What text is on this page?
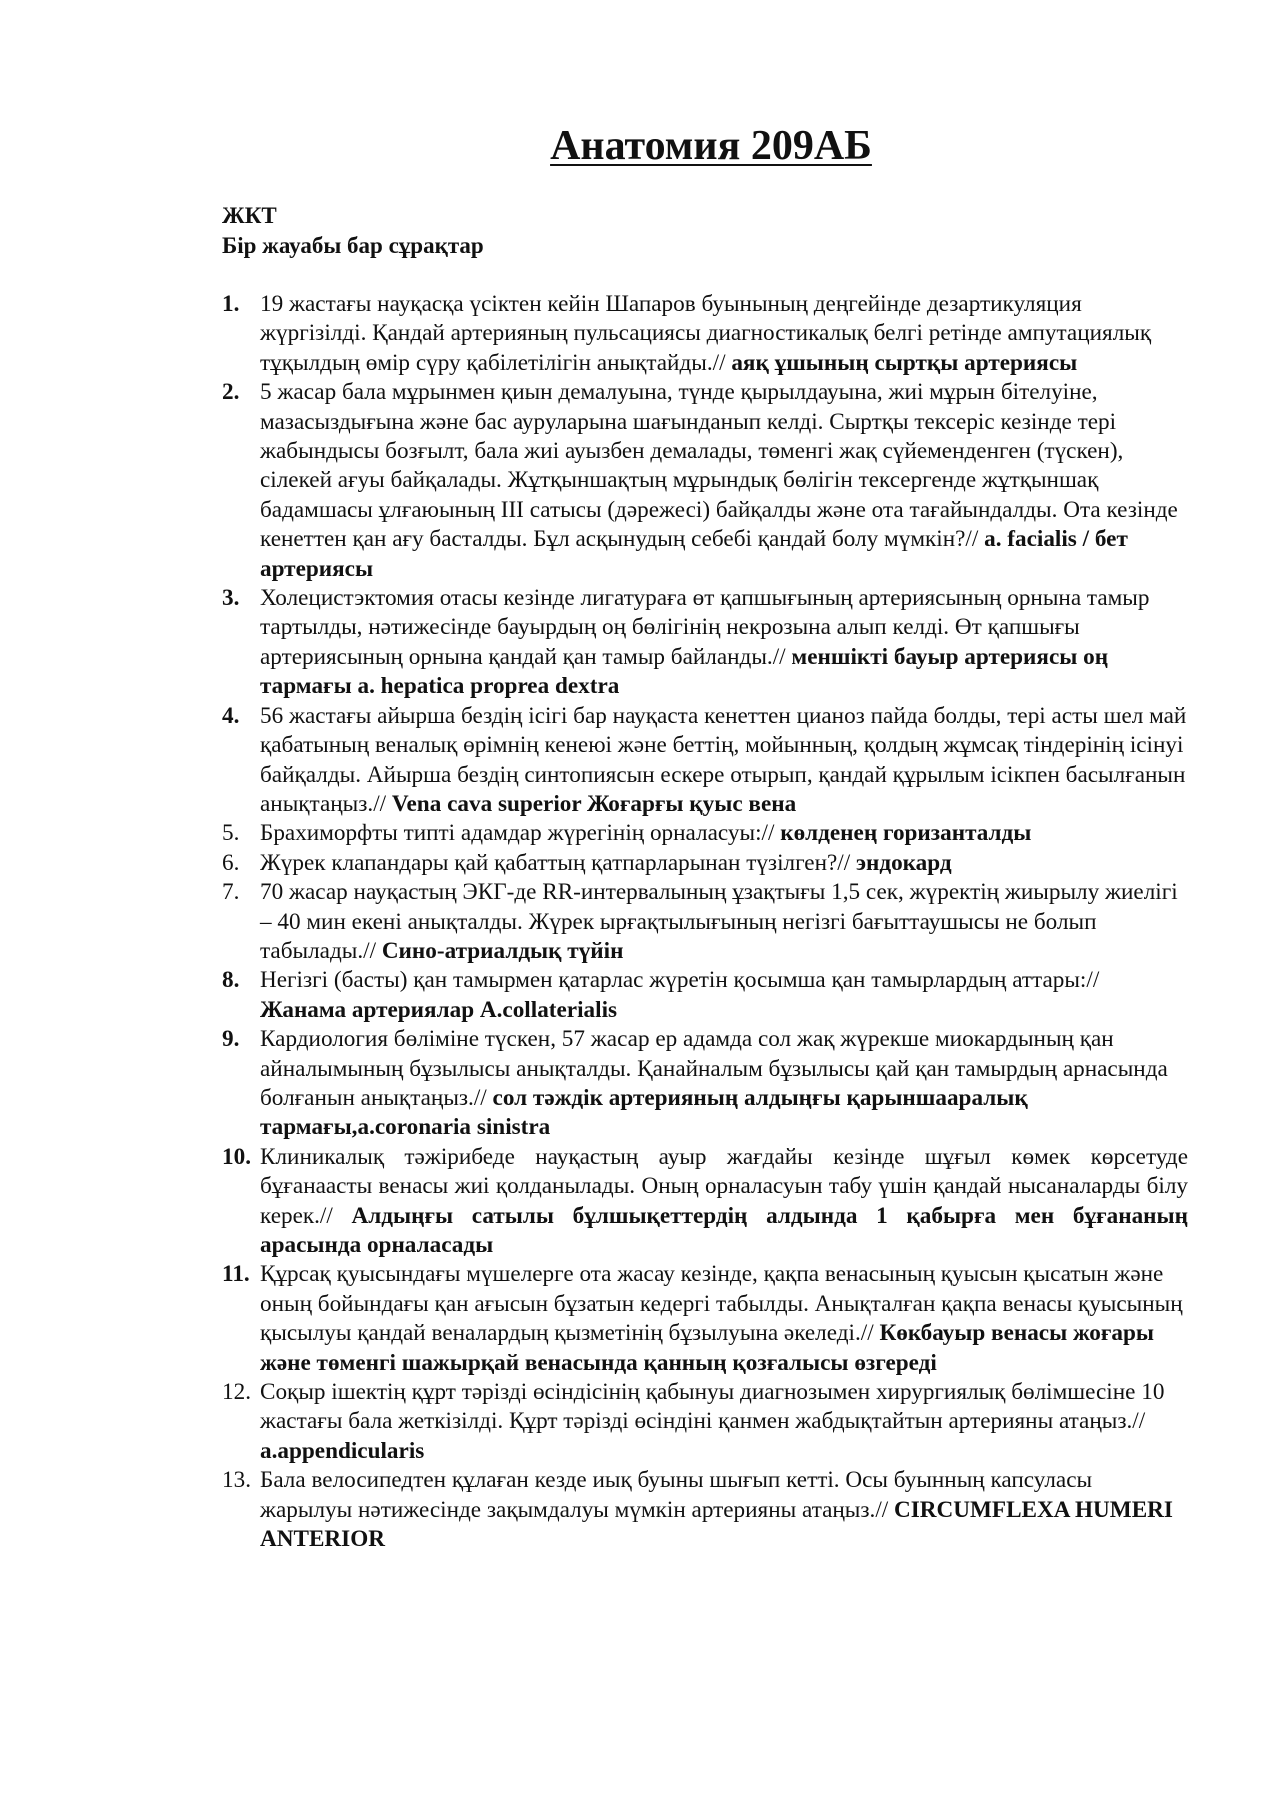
Анатомия 209АБ
ЖКТ
Бір жауабы бар сұрақтар
1. 19 жастағы науқасқа үсіктен кейін Шапаров буынының деңгейінде дезартикуляция жүргізілді. Қандай артерияның пульсациясы диагностикалық белгі ретінде ампутациялық тұқылдың өмір сүру қабілетілігін анықтайды.// аяқ ұшының сыртқы артериясы
2. 5 жасар бала мұрынмен қиын демалуына, түнде қырылдауына, жиі мұрын бітелуіне, мазасыздығына және бас ауруларына шағынданып келді. Сыртқы тексеріс кезінде тері жабындысы бозғылт, бала жиі ауызбен демалады, төменгі жақ сүйеменденген (түскен), сілекей ағуы байқалады. Жұтқыншақтың мұрындық бөлігін тексергенде жұтқыншақ бадамшасы ұлғаюының ІІІ сатысы (дәрежесі) байқалды және ота тағайындалды. Ота кезінде кенеттен қан ағу басталды. Бұл асқынудың себебі қандай болу мүмкін?// a. facialis / бет артериясы
3. Холецистэктомия отасы кезінде лигатураға өт қапшығының артериясының орнына тамыр тартылды, нәтижесінде бауырдың оң бөлігінің некрозына алып келді. Өт қапшығы артериясының орнына қандай қан тамыр байланды.// меншікті бауыр артериясы оң тармағы a. hepatica proprea dextra
4. 56 жастағы айырша бездің ісігі бар науқаста кенеттен цианоз пайда болды, тері асты шел май қабатының веналық өрімнің кенеюі және беттің, мойынның, қолдың жұмсақ тіндерінің ісінуі байқалды. Айырша бездің синтопиясын ескере отырып, қандай құрылым ісікпен басылғанын анықтаңыз.// Vena cava superior Жоғарғы қуыс вена
5. Брахиморфты типті адамдар жүрегінің орналасуы:// көлденең горизанталды
6. Жүрек клапандары қай қабаттың қатпарларынан түзілген?// эндокард
7. 70 жасар науқастың ЭКГ-де RR-интервалының ұзақтығы 1,5 сек, жүректің жиырылу жиелігі – 40 мин екені анықталды. Жүрек ырғақтылығының негізгі бағыттаушысы не болып табылады.// Сино-атриалдық түйін
8. Негізгі (басты) қан тамырмен қатарлас жүретін қосымша қан тамырлардың аттары:// Жанама артериялар A.collaterialis
9. Кардиология бөліміне түскен, 57 жасар ер адамда сол жақ жүрекше миокардының қан айналымының бұзылысы анықталды. Қанайналым бұзылысы қай қан тамырдың арнасында болғанын анықтаңыз.// сол тәждік артерияның алдыңғы қарыншааралық тармағы,a.coronaria sinistra
10. Клиникалық тәжірибеде науқастың ауыр жағдайы кезінде шұғыл көмек көрсетуде бұғанаасты венасы жиі қолданылады. Оның орналасуын табу үшін қандай нысаналарды білу керек.// Алдыңғы сатылы бұлшықеттердің алдында 1 қабырға мен бұғананың арасында орналасады
11. Құрсақ қуысындағы мүшелерге ота жасау кезінде, қақпа венасының қуысын қысатын және оның бойындағы қан ағысын бұзатын кедергі табылды. Анықталған қақпа венасы қуысының қысылуы қандай веналардың қызметінің бұзылуына әкеледі.// Көкбауыр венасы жоғары және төменгі шажырқай венасында қанның қозғалысы өзгереді
12. Соқыр ішектің құрт тәрізді өсіндісінің қабынуы диагнозымен хирургиялық бөлімшесіне 10 жастағы бала жеткізілді. Құрт тәрізді өсіндіні қанмен жабдықтайтын артерияны атаңыз.// a.appendicularis
13. Бала велосипедтен құлаған кезде иық буыны шығып кетті. Осы буынның капсуласы жарылуы нәтижесінде зақымдалуы мүмкін артерияны атаңыз.// CIRCUMFLEXA HUMERI ANTERIOR
